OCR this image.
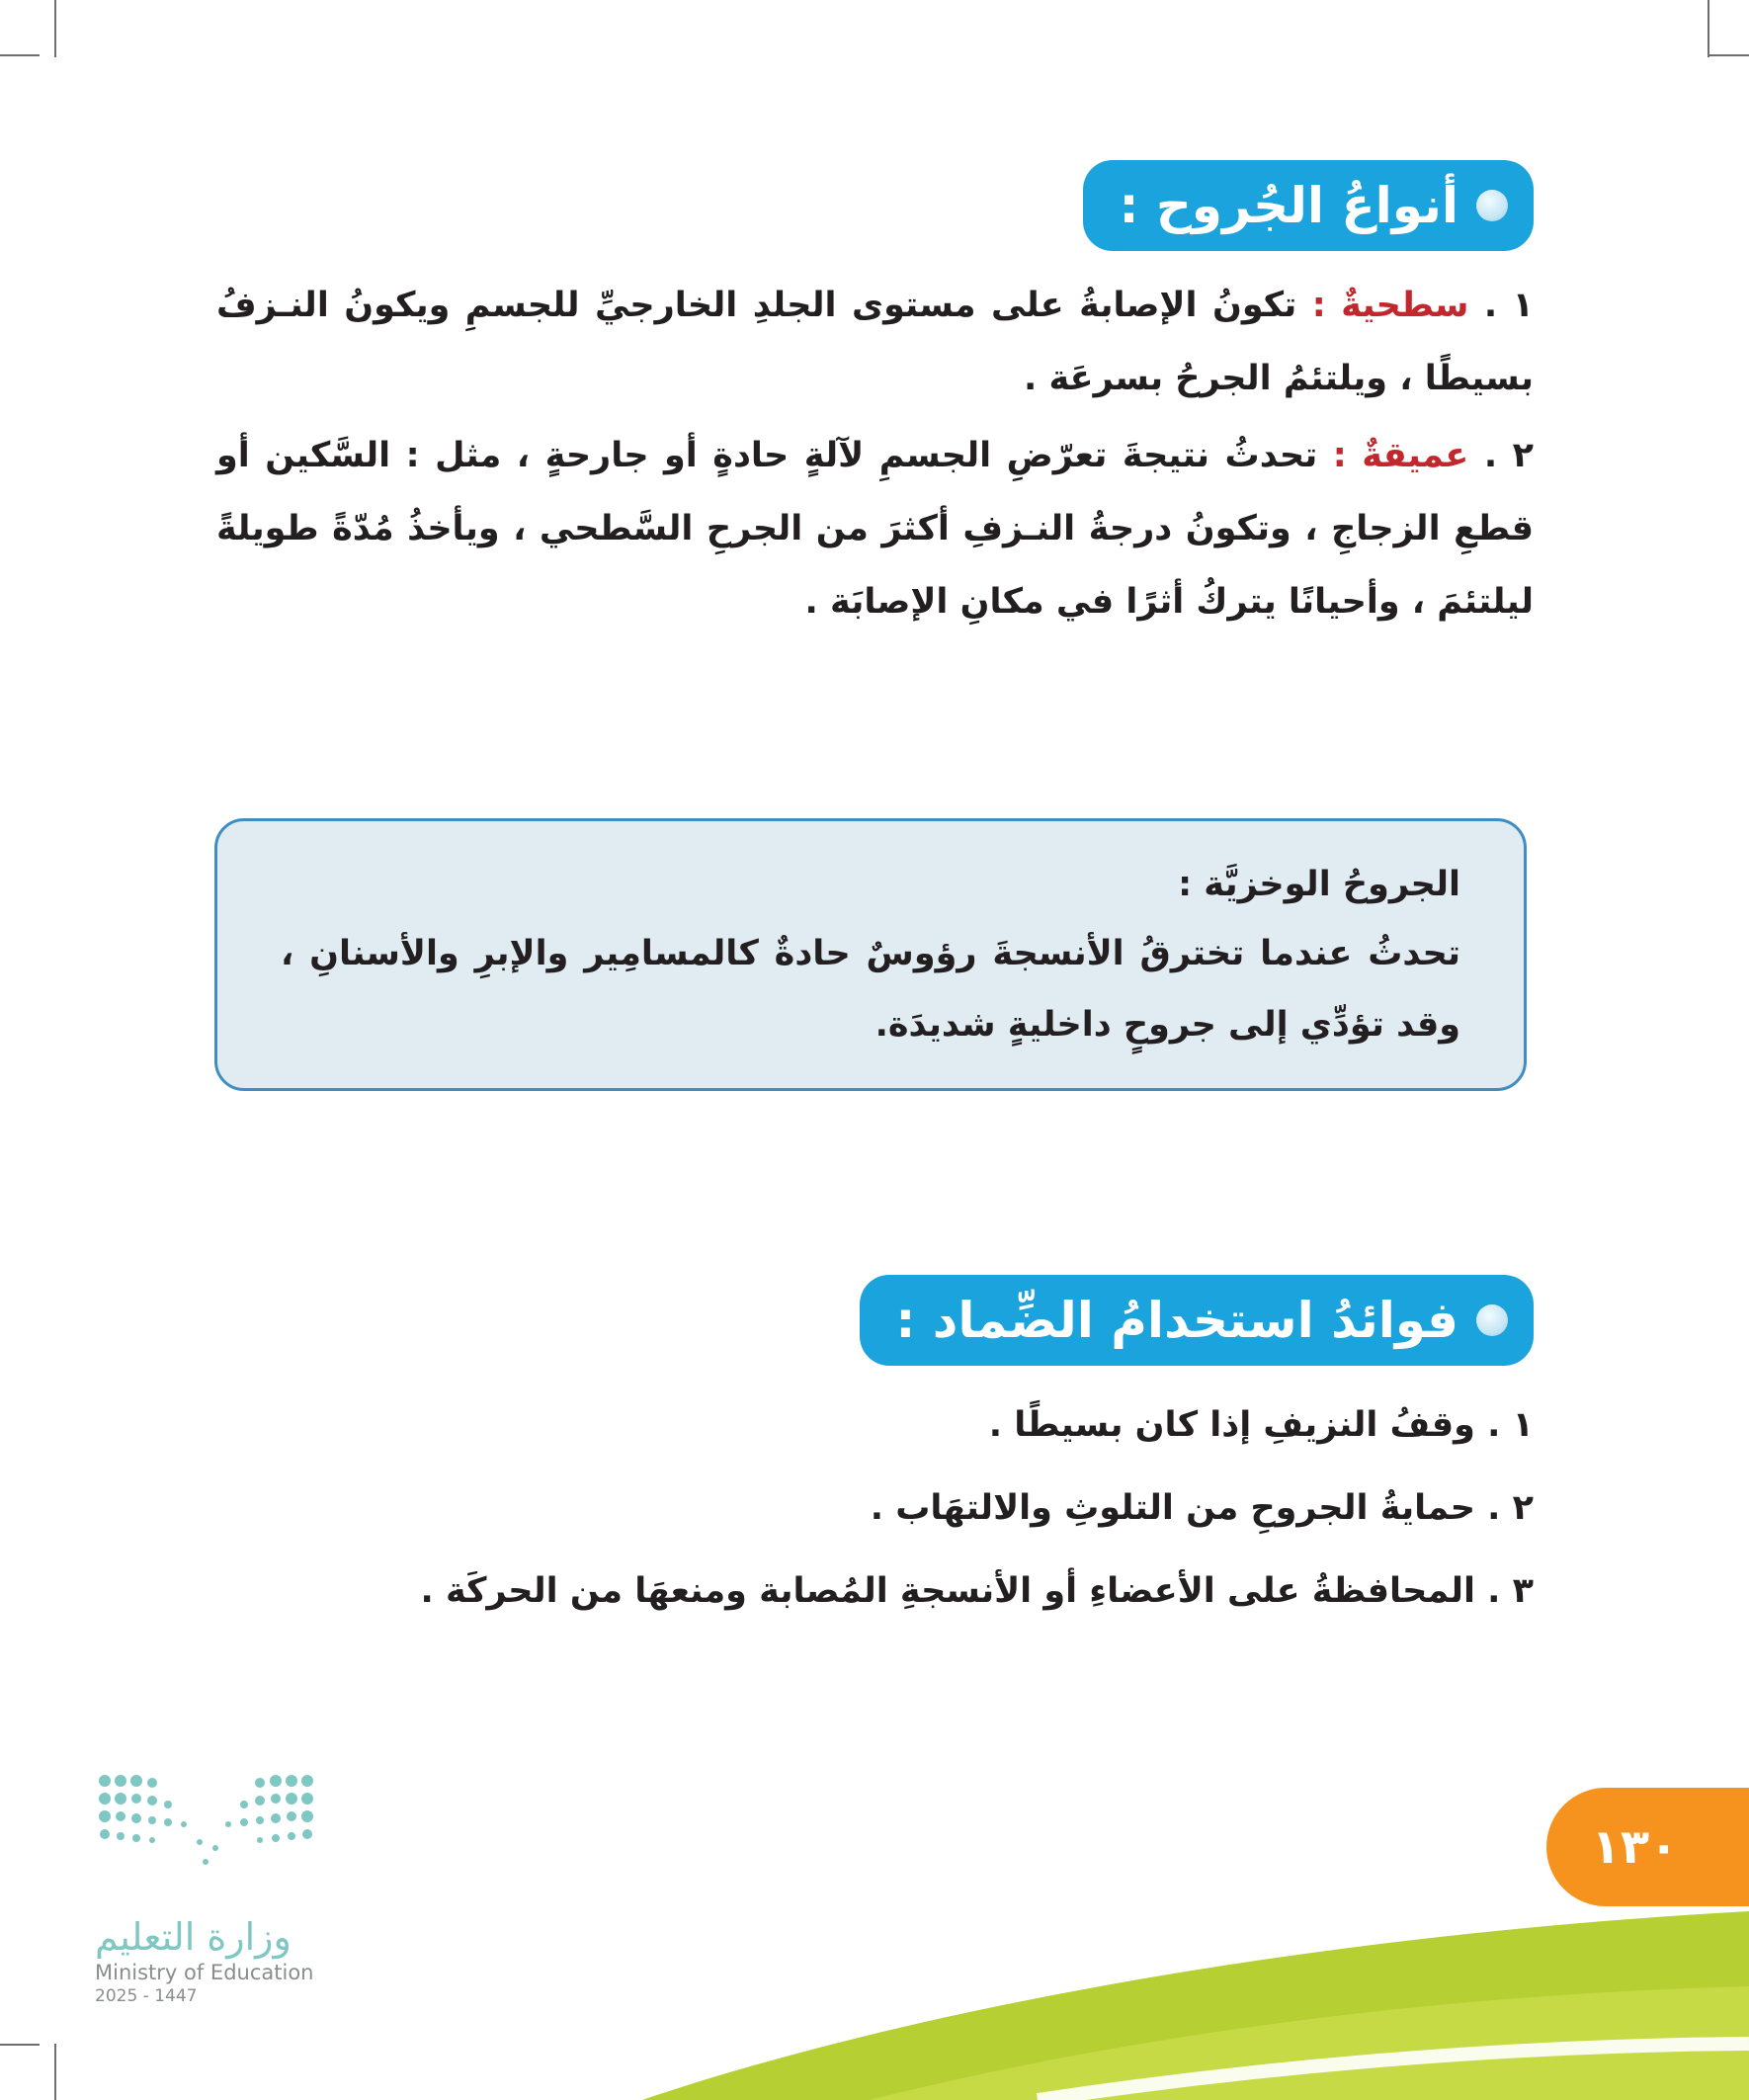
أنواعُ الجُروح :
١ . سطحيةٌ : تكونُ الإصابةُ على مستوى الجلدِ الخارجيِّ للجسمِ ويكونُ النـزفُ بسيطًا ، ويلتئمُ الجرحُ بسرعَة .
٢ . عميقةٌ : تحدثُ نتيجةَ تعرّضِ الجسمِ لآلةٍ حادةٍ أو جارحةٍ ، مثل : السَّكين أو قطعِ الزجاجِ ، وتكونُ درجةُ النـزفِ أكثرَ من الجرحِ السَّطحي ، ويأخذُ مُدّةً طويلةً ليلتئمَ ، وأحيانًا يتركُ أثرًا في مكانِ الإصابَة .
الجروحُ الوخزيَّة :
تحدثُ عندما تخترقُ الأنسجةَ رؤوسٌ حادةٌ كالمسامِير والإبرِ والأسنانِ ، وقد تؤدِّي إلى جروحٍ داخليةٍ شديدَة.
فوائدُ استخدامُ الضِّماد :
١ . وقفُ النزيفِ إذا كان بسيطًا .
٢ . حمايةُ الجروحِ من التلوثِ والالتهَاب .
٣ . المحافظةُ على الأعضاءِ أو الأنسجةِ المُصابة ومنعهَا من الحركَة .
١٣٠
وزارة التعليم
Ministry of Education
2025 - 1447
